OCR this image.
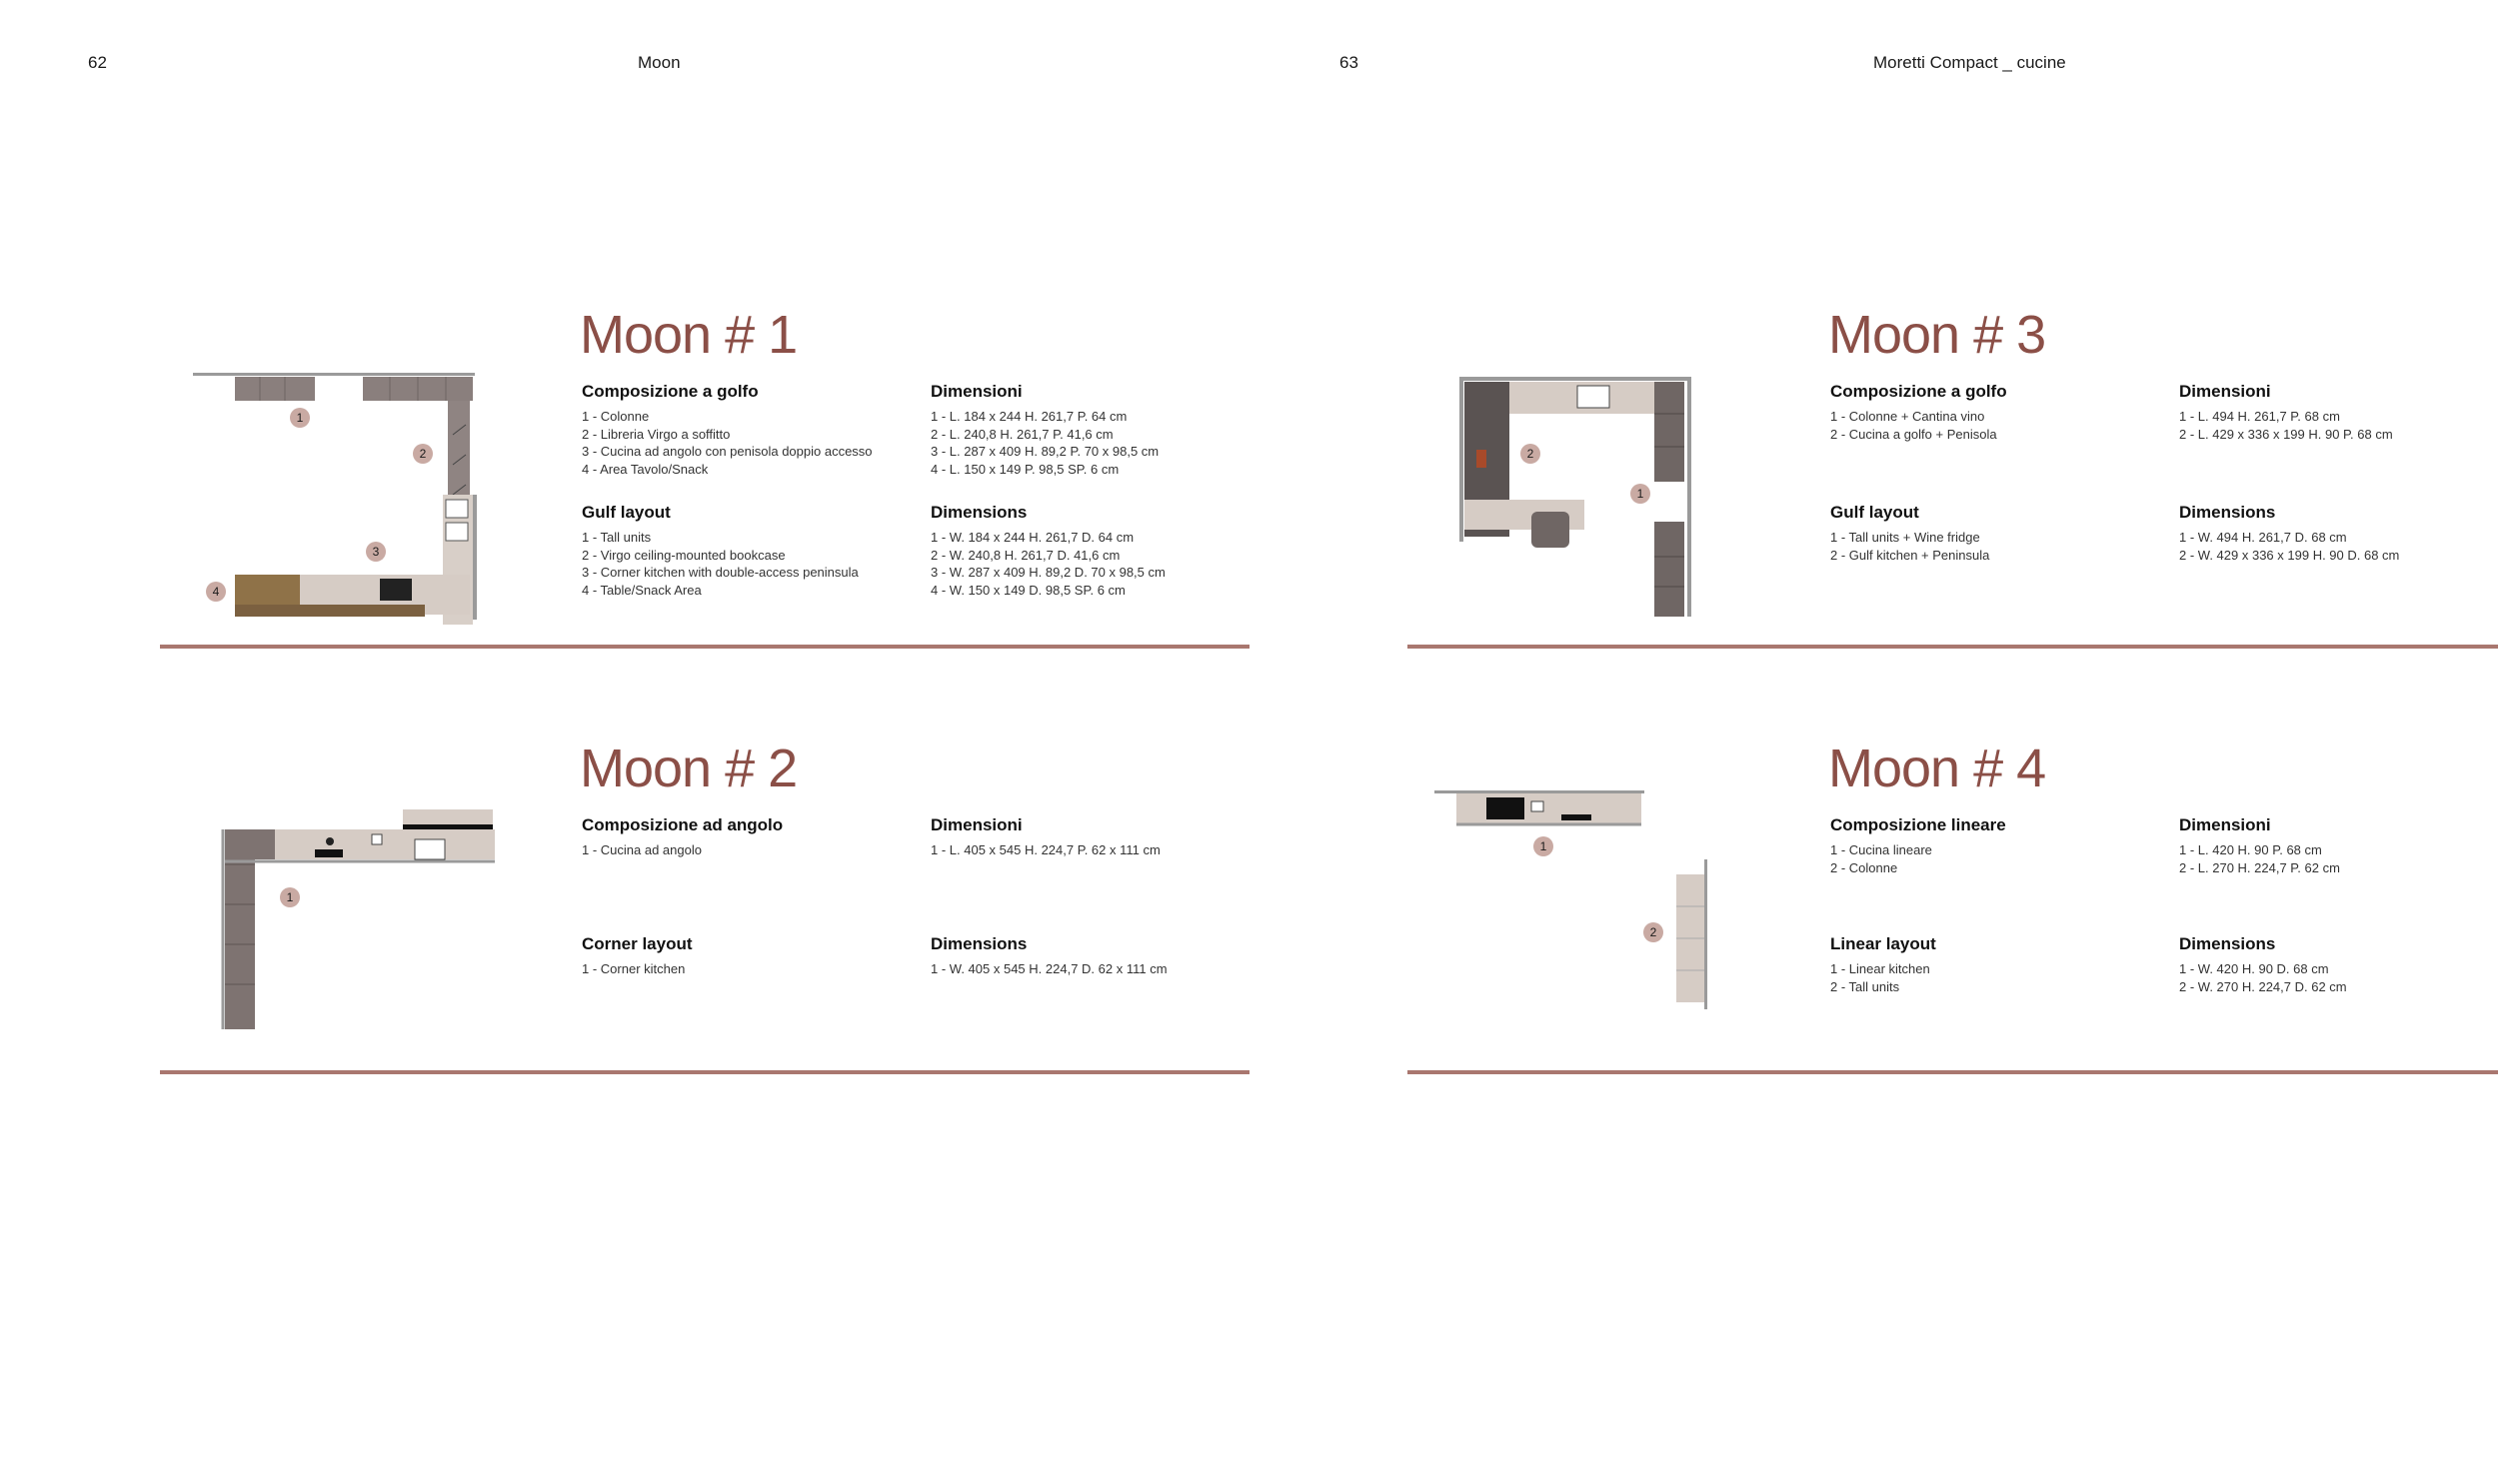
62	Moon	63	Moretti Compact _ cucine
1
2
3
4
Moon # 1
Composizione a golfo
1 - Colonne
2 - Libreria Virgo a soffitto
3 - Cucina ad angolo con penisola doppio accesso
4 - Area Tavolo/Snack
Dimensioni
1 - L. 184 x 244 H. 261,7 P. 64 cm
2 - L. 240,8 H. 261,7 P. 41,6 cm
3 - L. 287 x 409 H. 89,2 P. 70 x 98,5 cm
4 - L. 150 x 149 P. 98,5 SP. 6 cm
Gulf layout
1 - Tall units
2 - Virgo ceiling-mounted bookcase
3 - Corner kitchen with double-access peninsula
4 - Table/Snack Area
Dimensions
1 - W. 184 x 244 H. 261,7 D. 64 cm
2 - W. 240,8 H. 261,7 D. 41,6 cm
3 - W. 287 x 409 H. 89,2 D. 70 x 98,5 cm
4 - W. 150 x 149 D. 98,5 SP. 6 cm
1
Moon # 2
Composizione ad angolo
1 - Cucina ad angolo
Dimensioni
1 - L. 405 x 545 H. 224,7 P. 62 x 111 cm
Corner layout
1 - Corner kitchen
Dimensions
1 - W. 405 x 545 H. 224,7 D. 62 x 111 cm
2
1
Moon # 3
Composizione a golfo
1 - Colonne + Cantina vino
2 - Cucina a golfo + Penisola
Dimensioni
1 - L. 494 H. 261,7 P. 68 cm
2 - L. 429 x 336 x 199 H. 90 P. 68 cm
Gulf layout
1 - Tall units + Wine fridge
2 - Gulf kitchen + Peninsula
Dimensions
1 - W. 494 H. 261,7 D. 68 cm
2 - W. 429 x 336 x 199 H. 90 D. 68 cm
1
2
Moon # 4
Composizione lineare
1 - Cucina lineare
2 - Colonne
Dimensioni
1 - L. 420 H. 90 P. 68 cm
2 - L. 270 H. 224,7 P. 62 cm
Linear layout
1 - Linear kitchen
2 - Tall units
Dimensions
1 - W. 420 H. 90 D. 68 cm
2 - W. 270 H. 224,7 D. 62 cm
